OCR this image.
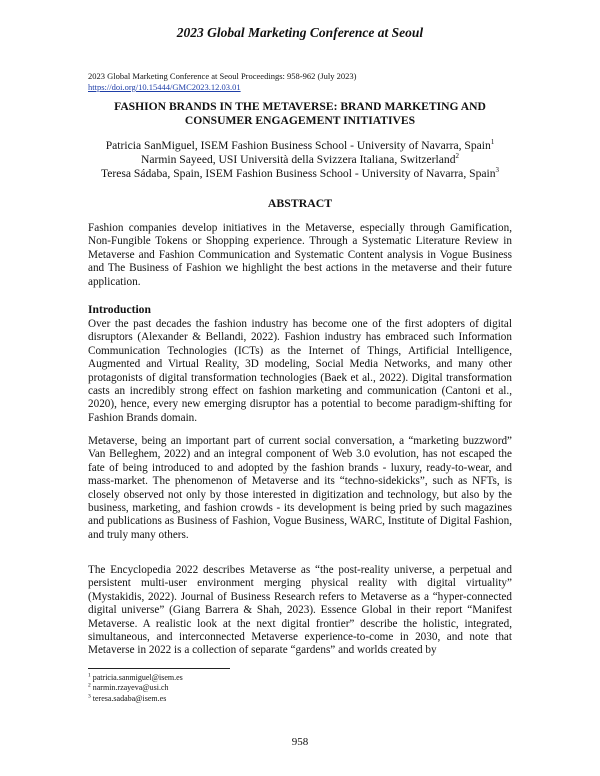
2023 Global Marketing Conference at Seoul
2023 Global Marketing Conference at Seoul Proceedings: 958-962 (July 2023)
https://doi.org/10.15444/GMC2023.12.03.01
FASHION BRANDS IN THE METAVERSE: BRAND MARKETING AND
CONSUMER ENGAGEMENT INITIATIVES
Patricia SanMiguel, ISEM Fashion Business School - University of Navarra, Spain$^1$
Narmin Sayeed, USI Università della Svizzera Italiana, Switzerland$^2$
Teresa Sádaba, Spain, ISEM Fashion Business School - University of Navarra, Spain$^3$
ABSTRACT

Fashion companies develop initiatives in the Metaverse, especially through Gamification, Non-Fungible Tokens or Shopping experience. Through a Systematic Literature Review in Metaverse and Fashion Communication and Systematic Content analysis in Vogue Business and The Business of Fashion we highlight the best actions in the metaverse and their future application.

Introduction

Over the past decades the fashion industry has become one of the first adopters of digital disruptors (Alexander & Bellandi, 2022). Fashion industry has embraced such Information Communication Technologies (ICTs) as the Internet of Things, Artificial Intelligence, Augmented and Virtual Reality, 3D modeling, Social Media Networks, and many other protagonists of digital transformation technologies (Baek et al., 2022). Digital transformation casts an incredibly strong effect on fashion marketing and communication (Cantoni et al., 2020), hence, every new emerging disruptor has a potential to become paradigm-shifting for Fashion Brands domain.

Metaverse, being an important part of current social conversation, a “marketing buzzword” Van Belleghem, 2022) and an integral component of Web 3.0 evolution, has not escaped the fate of being introduced to and adopted by the fashion brands - luxury, ready-to-wear, and mass-market. The phenomenon of Metaverse and its “techno-sidekicks”, such as NFTs, is closely observed not only by those interested in digitization and technology, but also by the business, marketing, and fashion crowds - its development is being pried by such magazines and publications as Business of Fashion, Vogue Business, WARC, Institute of Digital Fashion, and truly many others.

The Encyclopedia 2022 describes Metaverse as “the post-reality universe, a perpetual and persistent multi-user environment merging physical reality with digital virtuality” (Mystakidis, 2022). Journal of Business Research refers to Metaverse as a “hyper-connected digital universe” (Giang Barrera & Shah, 2023). Essence Global in their report “Manifest Metaverse. A realistic look at the next digital frontier” describe the holistic, integrated, simultaneous, and interconnected Metaverse experience-to-come in 2030, and note that Metaverse in 2022 is a collection of separate “gardens” and worlds created by

$^1$ patricia.sanmiguel@isem.es
$^2$ narmin.rzayeva@usi.ch
$^3$ teresa.sadaba@isem.es
958
